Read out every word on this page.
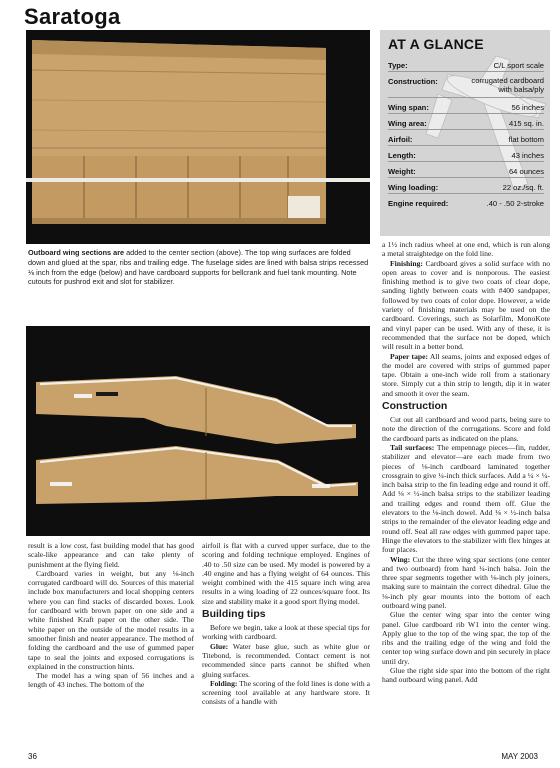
Saratoga
Outboard wing sections are added to the center section (above). The top wing surfaces are folded down and glued at the spar, ribs and trailing edge. The fuselage sides are lined with balsa strips recessed ⅛ inch from the edge (below) and have cardboard supports for bellcrank and fuel tank mounting. Note cutouts for pushrod exit and slot for stabilizer.
AT A GLANCE
Type:	C/L sport scale
Construction:	corrugated cardboard with balsa/ply
Wing span:	56 inches
Wing area:	415 sq. in.
Airfoil:	flat bottom
Length:	43 inches
Weight:	64 ounces
Wing loading:	22 oz./sq. ft.
Engine required:	.40 - .50 2-stroke

result is a low cost, fast building model that has good scale-like appearance and can take plenty of punishment at the flying field.

Cardboard varies in weight, but any ⅛-inch corrugated cardboard will do. Sources of this material include box manufacturers and local shopping centers where you can find stacks of discarded boxes. Look for cardboard with brown paper on one side and a white finished Kraft paper on the other side. The white paper on the outside of the model results in a smoother finish and neater appearance. The method of folding the cardboard and the use of gummed paper tape to seal the joints and exposed corrugations is explained in the construction hints.

The model has a wing span of 56 inches and a length of 43 inches. The bottom of the

airfoil is flat with a curved upper surface, due to the scoring and folding technique employed. Engines of .40 to .50 size can be used. My model is powered by a .40 engine and has a flying weight of 64 ounces. This weight combined with the 415 square inch wing area results in a wing loading of 22 ounces/square foot. Its size and stability make it a good sport flying model.

Building tips

Before we begin, take a look at these special tips for working with cardboard.

Glue: Water base glue, such as white glue or Titebond, is recommended. Contact cement is not recommended since parts cannot be shifted when gluing surfaces.

Folding: The scoring of the fold lines is done with a screening tool available at any hardware store. It consists of a handle with

a 1½ inch radius wheel at one end, which is run along a metal straightedge on the fold line.

Finishing: Cardboard gives a solid surface with no open areas to cover and is nonporous. The easiest finishing method is to give two coats of clear dope, sanding lightly between coats with #400 sandpaper, followed by two coats of color dope. However, a wide variety of finishing materials may be used on the cardboard. Coverings, such as Solarfilm, MonoKote and vinyl paper can be used. With any of these, it is recommended that the surface not be doped, which will result in a better bond.

Paper tape: All seams, joints and exposed edges of the model are covered with strips of gummed paper tape. Obtain a one-inch wide roll from a stationary store. Simply cut a thin strip to length, dip it in water and smooth it over the seam.

Construction

Cut out all cardboard and wood parts, being sure to note the direction of the corrugations. Score and fold the cardboard parts as indicated on the plans.

Tail surfaces: The empennage pieces—fin, rudder, stabilizer and elevator—are each made from two pieces of ⅛-inch cardboard laminated together crossgrain to give ¼-inch thick surfaces. Add a ¼ × ¼-inch balsa strip to the fin leading edge and round it off. Add ⅛ × ½-inch balsa strips to the stabilizer leading and trailing edges and round them off. Glue the elevators to the ⅛-inch dowel. Add ⅛ × ½-inch balsa strips to the remainder of the elevator leading edge and round off. Seal all raw edges with gummed paper tape. Hinge the elevators to the stabilizer with flex hinges at four places.

Wing: Cut the three wing spar sections (one center and two outboard) from hard ¼-inch balsa. Join the three spar segments together with ⅛-inch ply joiners, making sure to maintain the correct dihedral. Glue the ⅛-inch ply gear mounts into the bottom of each outboard wing panel.

Glue the center wing spar into the center wing panel. Glue cardboard rib W1 into the center wing. Apply glue to the top of the wing spar, the top of the ribs and the trailing edge of the wing and fold the center top wing surface down and pin securely in place until dry.

Glue the right side spar into the bottom of the right hand outboard wing panel. Add

36	MAY 2003
